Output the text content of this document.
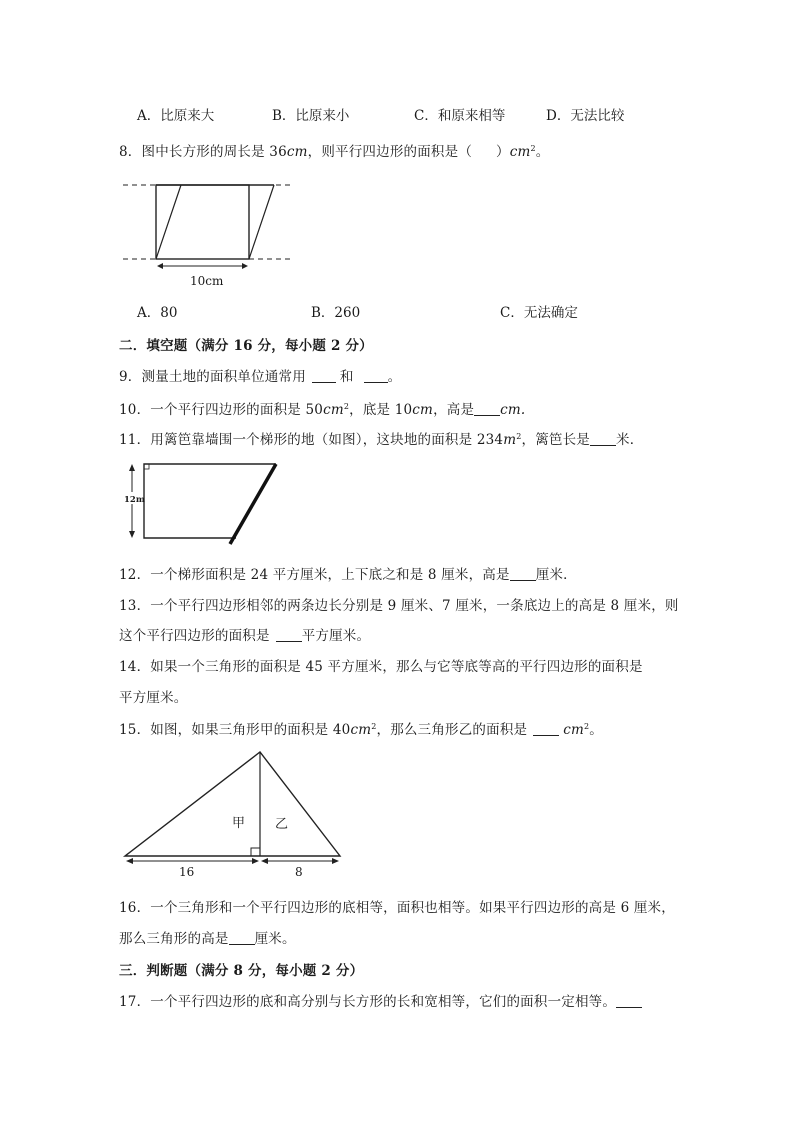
A．比原来大	B．比原来小	C．和原来相等	D．无法比较
8．图中长方形的周长是 36cm，则平行四边形的面积是（ ）$cm^2$。
10cm
A．80	B．260	C．无法确定
二．填空题（满分 16 分，每小题 2 分）
9．测量土地的面积单位通常用	和	。
10．一个平行四边形的面积是 $50cm^2$，底是 10cm，高是 cm.
11．用篱笆靠墙围一个梯形的地（如图），这块地的面积是 $234m^2$，篱笆长是 米．
12m
12．一个梯形面积是 24 平方厘米，上下底之和是 8 厘米，高是 厘米．
13．一个平行四边形相邻的两条边长分别是 9 厘米、7 厘米，一条底边上的高是 8 厘米，则
这个平行四边形的面积是 平方厘米。
14．如果一个三角形的面积是 45 平方厘米，那么与它等底等高的平行四边形的面积是
平方厘米。
15．如图，如果三角形甲的面积是 $40cm^2$，那么三角形乙的面积是	$cm^2$。
甲 乙
16	8
16．一个三角形和一个平行四边形的底相等，面积也相等。如果平行四边形的高是 6 厘米，
那么三角形的高是 厘米。
三．判断题（满分 8 分，每小题 2 分）
17．一个平行四边形的底和高分别与长方形的长和宽相等，它们的面积一定相等。
